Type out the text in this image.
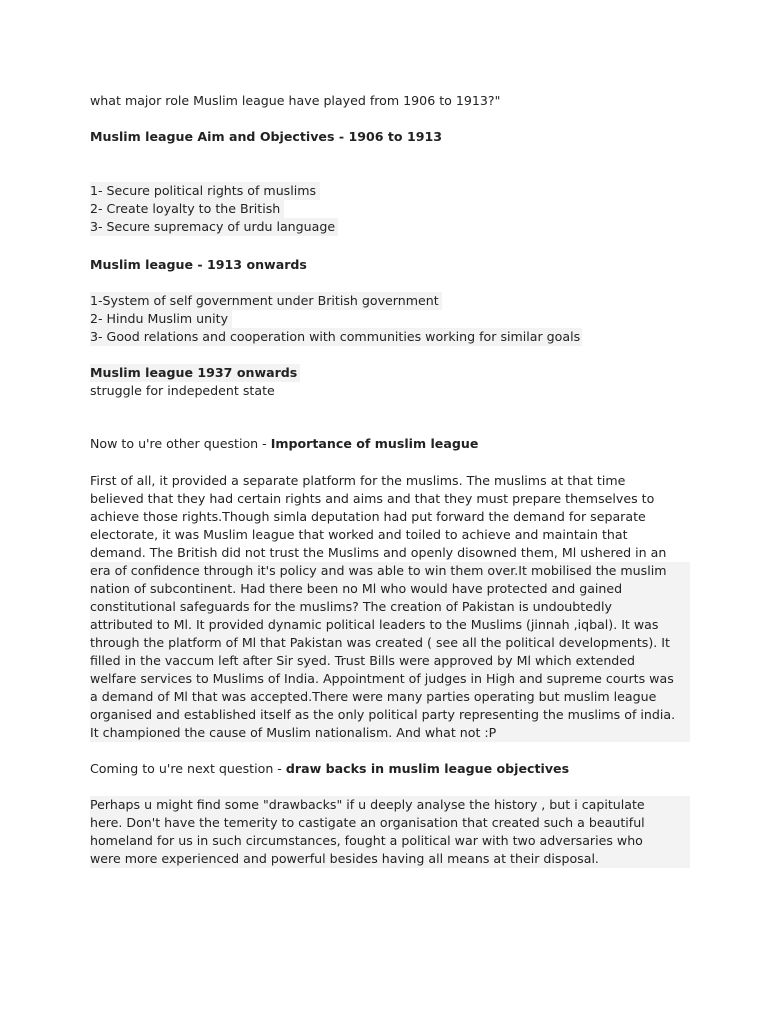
what major role Muslim league have played from 1906 to 1913?"
Muslim league Aim and Objectives - 1906 to 1913
1- Secure political rights of muslims
2- Create loyalty to the British
3- Secure supremacy of urdu language
Muslim league - 1913 onwards
1-System of self government under British government
2- Hindu Muslim unity
3- Good relations and cooperation with communities working for similar goals
Muslim league 1937 onwards
struggle for indepedent state
Now to u're other question - Importance of muslim league
First of all, it provided a separate platform for the muslims. The muslims at that time
believed that they had certain rights and aims and that they must prepare themselves to
achieve those rights.Though simla deputation had put forward the demand for separate
electorate, it was Muslim league that worked and toiled to achieve and maintain that
demand. The British did not trust the Muslims and openly disowned them, Ml ushered in an
era of confidence through it's policy and was able to win them over.It mobilised the muslim
nation of subcontinent. Had there been no Ml who would have protected and gained
constitutional safeguards for the muslims? The creation of Pakistan is undoubtedly
attributed to Ml. It provided dynamic political leaders to the Muslims (jinnah ,iqbal). It was
through the platform of Ml that Pakistan was created ( see all the political developments). It
filled in the vaccum left after Sir syed. Trust Bills were approved by Ml which extended
welfare services to Muslims of India. Appointment of judges in High and supreme courts was
a demand of Ml that was accepted.There were many parties operating but muslim league
organised and established itself as the only political party representing the muslims of india.
It championed the cause of Muslim nationalism. And what not :P
Coming to u're next question - draw backs in muslim league objectives
Perhaps u might find some "drawbacks" if u deeply analyse the history , but i capitulate
here. Don't have the temerity to castigate an organisation that created such a beautiful
homeland for us in such circumstances, fought a political war with two adversaries who
were more experienced and powerful besides having all means at their disposal.
